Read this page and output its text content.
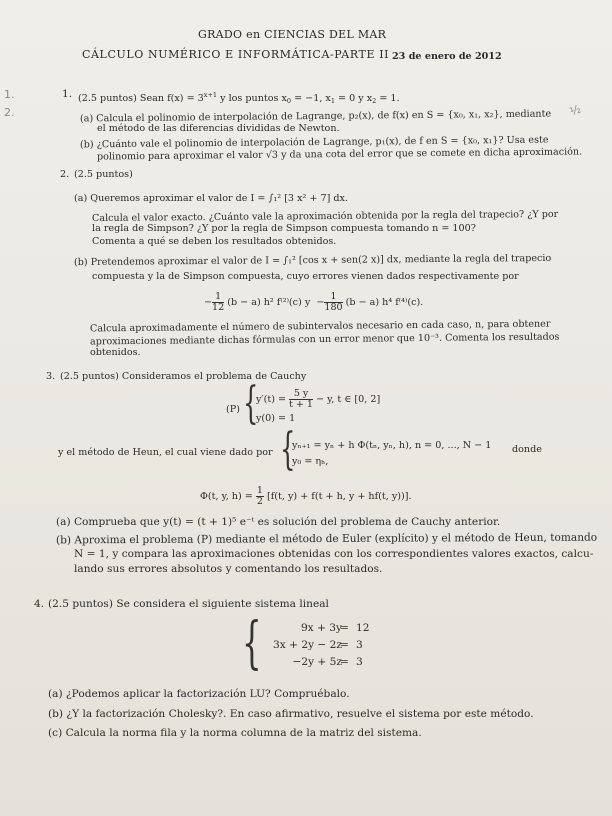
GRADO en CIENCIAS DEL MAR
CÁLCULO NUMÉRICO E INFORMÁTICA-PARTE II 23 de enero de 2012
1.
2.	½
1. (2.5 puntos) Sean $f(x) = 3^{x+1}$ y los puntos $x_0 = -1$, $x_1 = 0$ y $x_2 = 1$.
(a) Calcula el polinomio de interpolación de Lagrange, p₂(x), de f(x) en S = {x₀, x₁, x₂}, mediante
el método de las diferencias divididas de Newton.
(b) ¿Cuánto vale el polinomio de interpolación de Lagrange, p₁(x), de f en S = {x₀, x₁}? Usa este
polinomio para aproximar el valor √3 y da una cota del error que se comete en dicha aproximación.
2. (2.5 puntos)
(a) Queremos aproximar el valor de I = ∫₁² [3 x² + 7] dx.
Calcula el valor exacto. ¿Cuánto vale la aproximación obtenida por la regla del trapecio? ¿Y por
la regla de Simpson? ¿Y por la regla de Simpson compuesta tomando n = 100?
Comenta a qué se deben los resultados obtenidos.
(b) Pretendemos aproximar el valor de I = ∫₁² [cos x + sen(2 x)] dx, mediante la regla del trapecio
compuesta y la de Simpson compuesta, cuyo errores vienen dados respectivamente por
− $\frac{1}{12} (b - a)$ h² f⁽²⁾(c) $y - \frac{1}{180} (b - a)$ h⁴ f⁽⁴⁾(c).
Calcula aproximadamente el número de subintervalos necesario en cada caso, n, para obtener
aproximaciones mediante dichas fórmulas con un error menor que 10⁻³. Comenta los resultados
obtenidos.
3. (2.5 puntos) Consideramos el problema de Cauchy
(P) {
$y'(t) = \frac{5 y}{t + 1} - y$, t ∈ [0, 2]
y(0) = 1
y el método de Heun, el cual viene dado por {
yₙ₊₁ = yₙ + h Φ(tₙ, yₙ, h), n = 0, ..., N − 1
y₀ = ηₕ,
donde
Φ(t, y, $h) = \frac{1}{2} [f(t$, y) + f(t + h, y + hf(t, y))].
(a) Comprueba que y(t) = (t + 1)⁵ e⁻ᵗ es solución del problema de Cauchy anterior.
(b) Aproxima el problema (P) mediante el método de Euler (explícito) y el método de Heun, tomando
N = 1, y compara las aproximaciones obtenidas con los correspondientes valores exactos, calcu-
lando sus errores absolutos y comentando los resultados.
4. (2.5 puntos) Se considera el siguiente sistema lineal
{	9x + 3y
= 12
3x + 2y − 2z
= 3
−2y + 5z
= 3
(a) ¿Podemos aplicar la factorización LU? Compruébalo.
(b) ¿Y la factorización Cholesky?. En caso afirmativo, resuelve el sistema por este método.
(c) Calcula la norma fila y la norma columna de la matriz del sistema.
